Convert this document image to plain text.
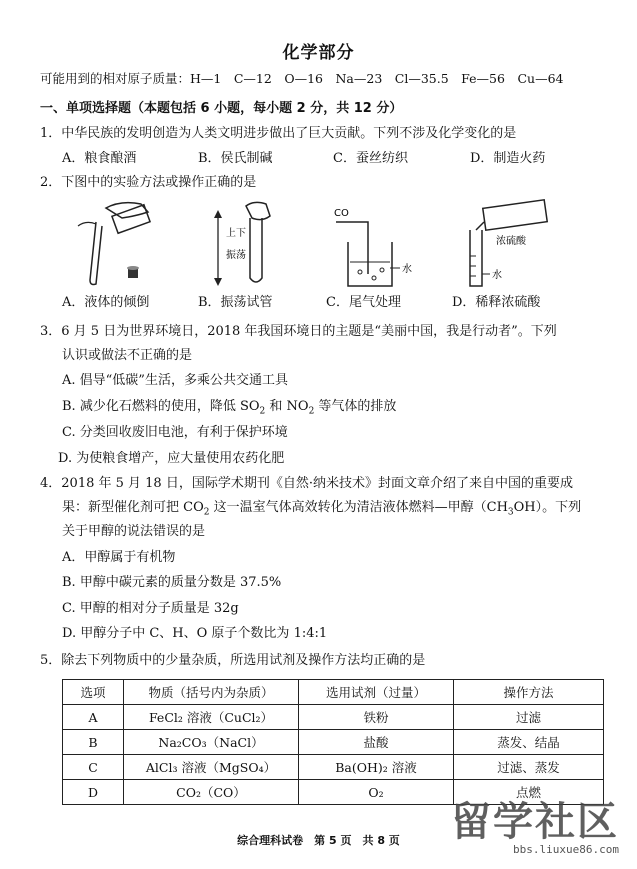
化学部分
可能用到的相对原子质量：H—1　C—12　O—16　Na—23　Cl—35.5　Fe—56　Cu—64
一、单项选择题（本题包括 6 小题，每小题 2 分，共 12 分）
1．中华民族的发明创造为人类文明进步做出了巨大贡献。下列不涉及化学变化的是
A．粮食酿酒	B．侯氏制碱	C．蚕丝纺织	D．制造火药
2．下图中的实验方法或操作正确的是
上下
振荡
CO
水
浓硫酸
水
A．液体的倾倒	B．振荡试管	C．尾气处理	D．稀释浓硫酸
3．6 月 5 日为世界环境日，2018 年我国环境日的主题是“美丽中国，我是行动者”。下列
认识或做法不正确的是
A. 倡导“低碳”生活，多乘公共交通工具
B. 减少化石燃料的使用，降低 $SO_2$ 和 $NO_2$ 等气体的排放
C. 分类回收废旧电池，有利于保护环境
D. 为使粮食增产，应大量使用农药化肥
4．2018 年 5 月 18 日，国际学术期刊《自然·纳米技术》封面文章介绍了来自中国的重要成
果：新型催化剂可把 $CO_2$ 这一温室气体高效转化为清洁液体燃料—甲醇$(CH_3OH)$。下列
关于甲醇的说法错误的是
A．甲醇属于有机物
B. 甲醇中碳元素的质量分数是 37.5%
C. 甲醇的相对分子质量是 32g
D. 甲醇分子中 C、H、O 原子个数比为 1:4:1
5．除去下列物质中的少量杂质，所选用试剂及操作方法均正确的是
选项	物质（括号内为杂质）	选用试剂（过量）	操作方法
A	FeCl₂ 溶液（CuCl₂）	铁粉	过滤
B	Na₂CO₃（NaCl）	盐酸	蒸发、结晶
C	AlCl₃ 溶液（MgSO₄）	Ba(OH)₂ 溶液	过滤、蒸发
D	CO₂（CO）	O₂	点燃
留学社区
bbs.liuxue86.com
综合理科试卷　第 5 页　共 8 页
